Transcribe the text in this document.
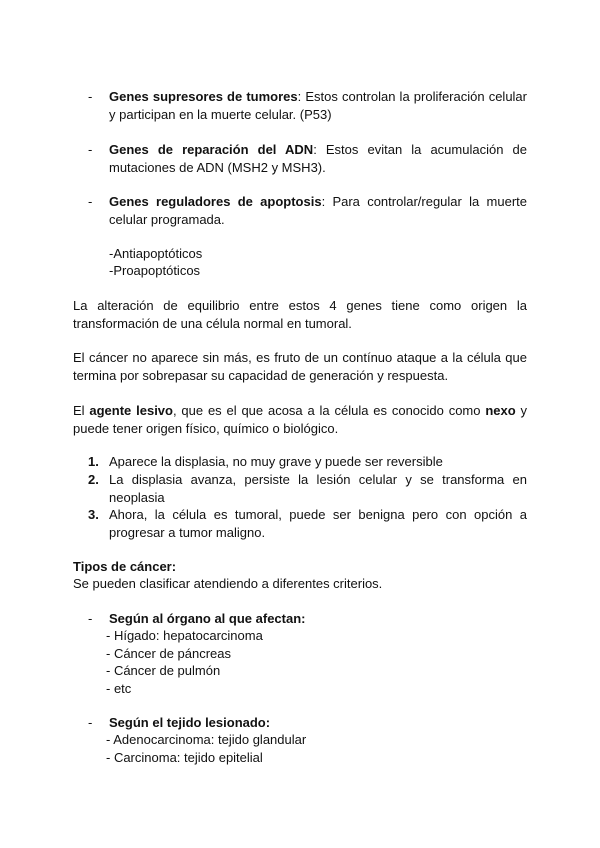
-	Genes supresores de tumores: Estos controlan la proliferación celular y participan en la muerte celular. (P53)

-	Genes de reparación del ADN: Estos evitan la acumulación de mutaciones de ADN (MSH2 y MSH3).

-	Genes reguladores de apoptosis: Para controlar/regular la muerte celular programada.

-Antiapoptóticos

-Proapoptóticos

La alteración de equilibrio entre estos 4 genes tiene como origen la transformación de una célula normal en tumoral.

El cáncer no aparece sin más, es fruto de un contínuo ataque a la célula que termina por sobrepasar su capacidad de generación y respuesta.

El agente lesivo, que es el que acosa a la célula es conocido como nexo y puede tener origen físico, químico o biológico.

1. Aparece la displasia, no muy grave y puede ser reversible

2. La displasia avanza, persiste la lesión celular y se transforma en neoplasia

3. Ahora, la célula es tumoral, puede ser benigna pero con opción a progresar a tumor maligno.

Tipos de cáncer:

Se pueden clasificar atendiendo a diferentes criterios.

-	Según al órgano al que afectan:

- Hígado: hepatocarcinoma

- Cáncer de páncreas

- Cáncer de pulmón

- etc

-	Según el tejido lesionado:

- Adenocarcinoma: tejido glandular

- Carcinoma: tejido epitelial
